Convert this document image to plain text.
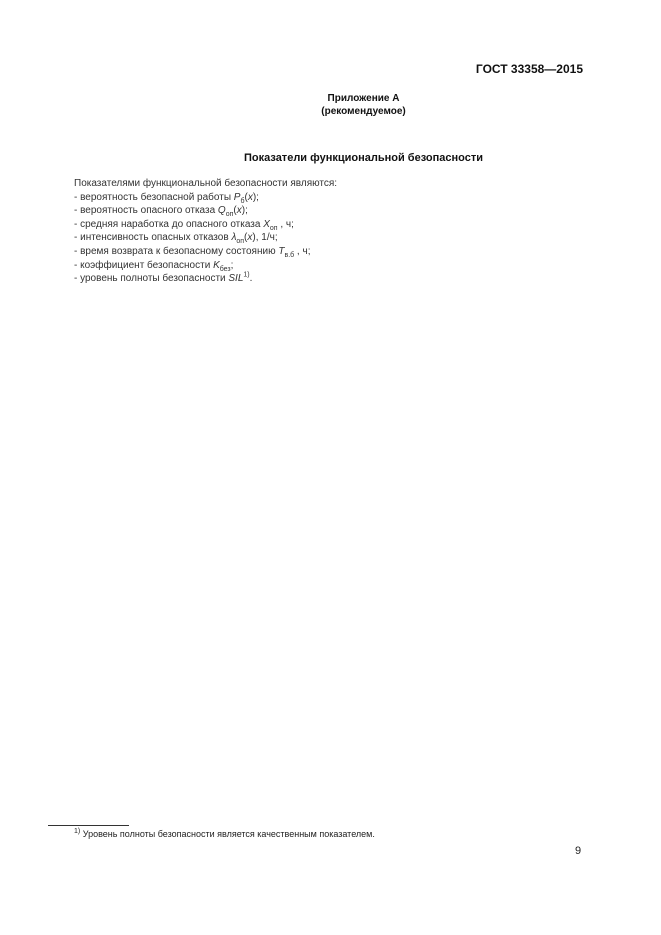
ГОСТ 33358—2015
Приложение А
(рекомендуемое)
Показатели функциональной безопасности

Показателями функциональной безопасности являются:

- вероятность безопасной работы $P_б(x)$;

- вероятность опасного отказа $Q_{оп}(x)$;

- средняя наработка до опасного отказа $X_{оп}$ , ч;

- интенсивность опасных отказов $\lambda_{оп}(x)$, 1/ч;

- время возврата к безопасному состоянию $T_{в.б}$ , ч;

- коэффициент безопасности $K_{без}$;

- уровень полноты безопасности SIL$^{1)}$.

$^{1)}$ Уровень полноты безопасности является качественным показателем.
9
